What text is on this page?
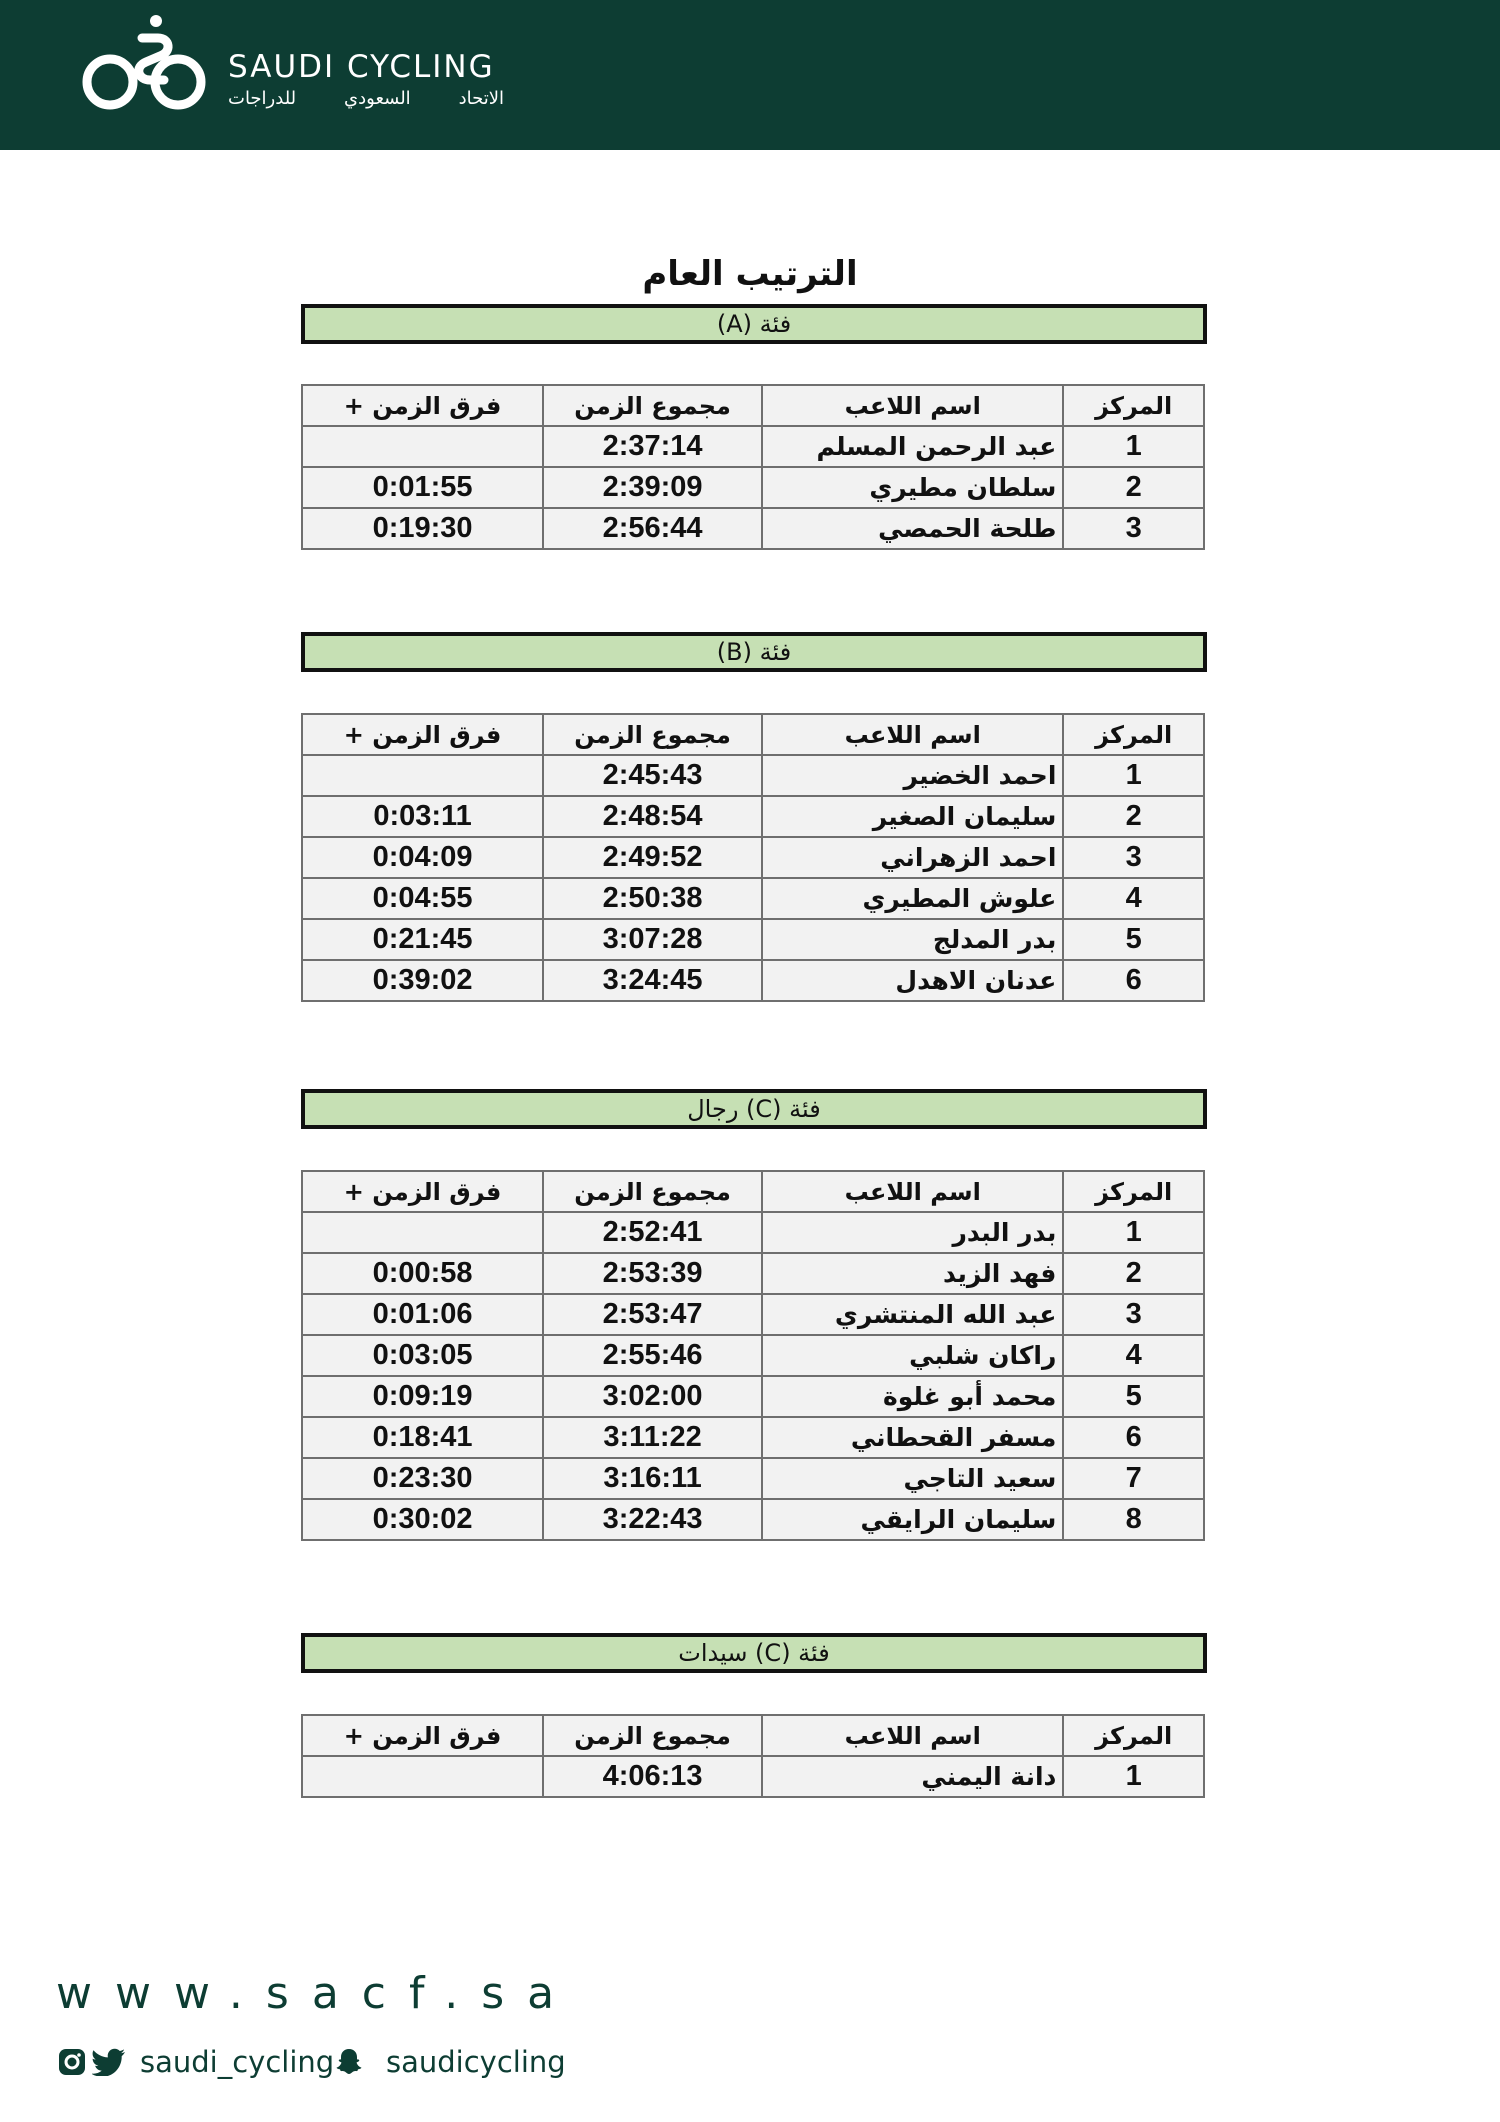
SAUDI CYCLING
الاتحاد السعودي للدراجات
الترتيب العام
فئة (A)
المركز	اسم اللاعب	مجموع الزمن	فرق الزمن +
1	عبد الرحمن المسلم	2:37:14	
2	سلطان مطيري	2:39:09	0:01:55
3	طلحة الحمصي	2:56:44	0:19:30
فئة (B)
المركز	اسم اللاعب	مجموع الزمن	فرق الزمن +
1	احمد الخضير	2:45:43	
2	سليمان الصغير	2:48:54	0:03:11
3	احمد الزهراني	2:49:52	0:04:09
4	علوش المطيري	2:50:38	0:04:55
5	بدر المدلج	3:07:28	0:21:45
6	عدنان الاهدل	3:24:45	0:39:02
فئة (C) رجال
المركز	اسم اللاعب	مجموع الزمن	فرق الزمن +
1	بدر البدر	2:52:41	
2	فهد الزيد	2:53:39	0:00:58
3	عبد الله المنتشري	2:53:47	0:01:06
4	راكان شلبي	2:55:46	0:03:05
5	محمد أبو غلوة	3:02:00	0:09:19
6	مسفر القحطاني	3:11:22	0:18:41
7	سعيد التاجي	3:16:11	0:23:30
8	سليمان الرايقي	3:22:43	0:30:02
فئة (C) سيدات
المركز	اسم اللاعب	مجموع الزمن	فرق الزمن +
1	دانة اليمني	4:06:13	
www.sacf.sa
saudi_cycling saudicycling
